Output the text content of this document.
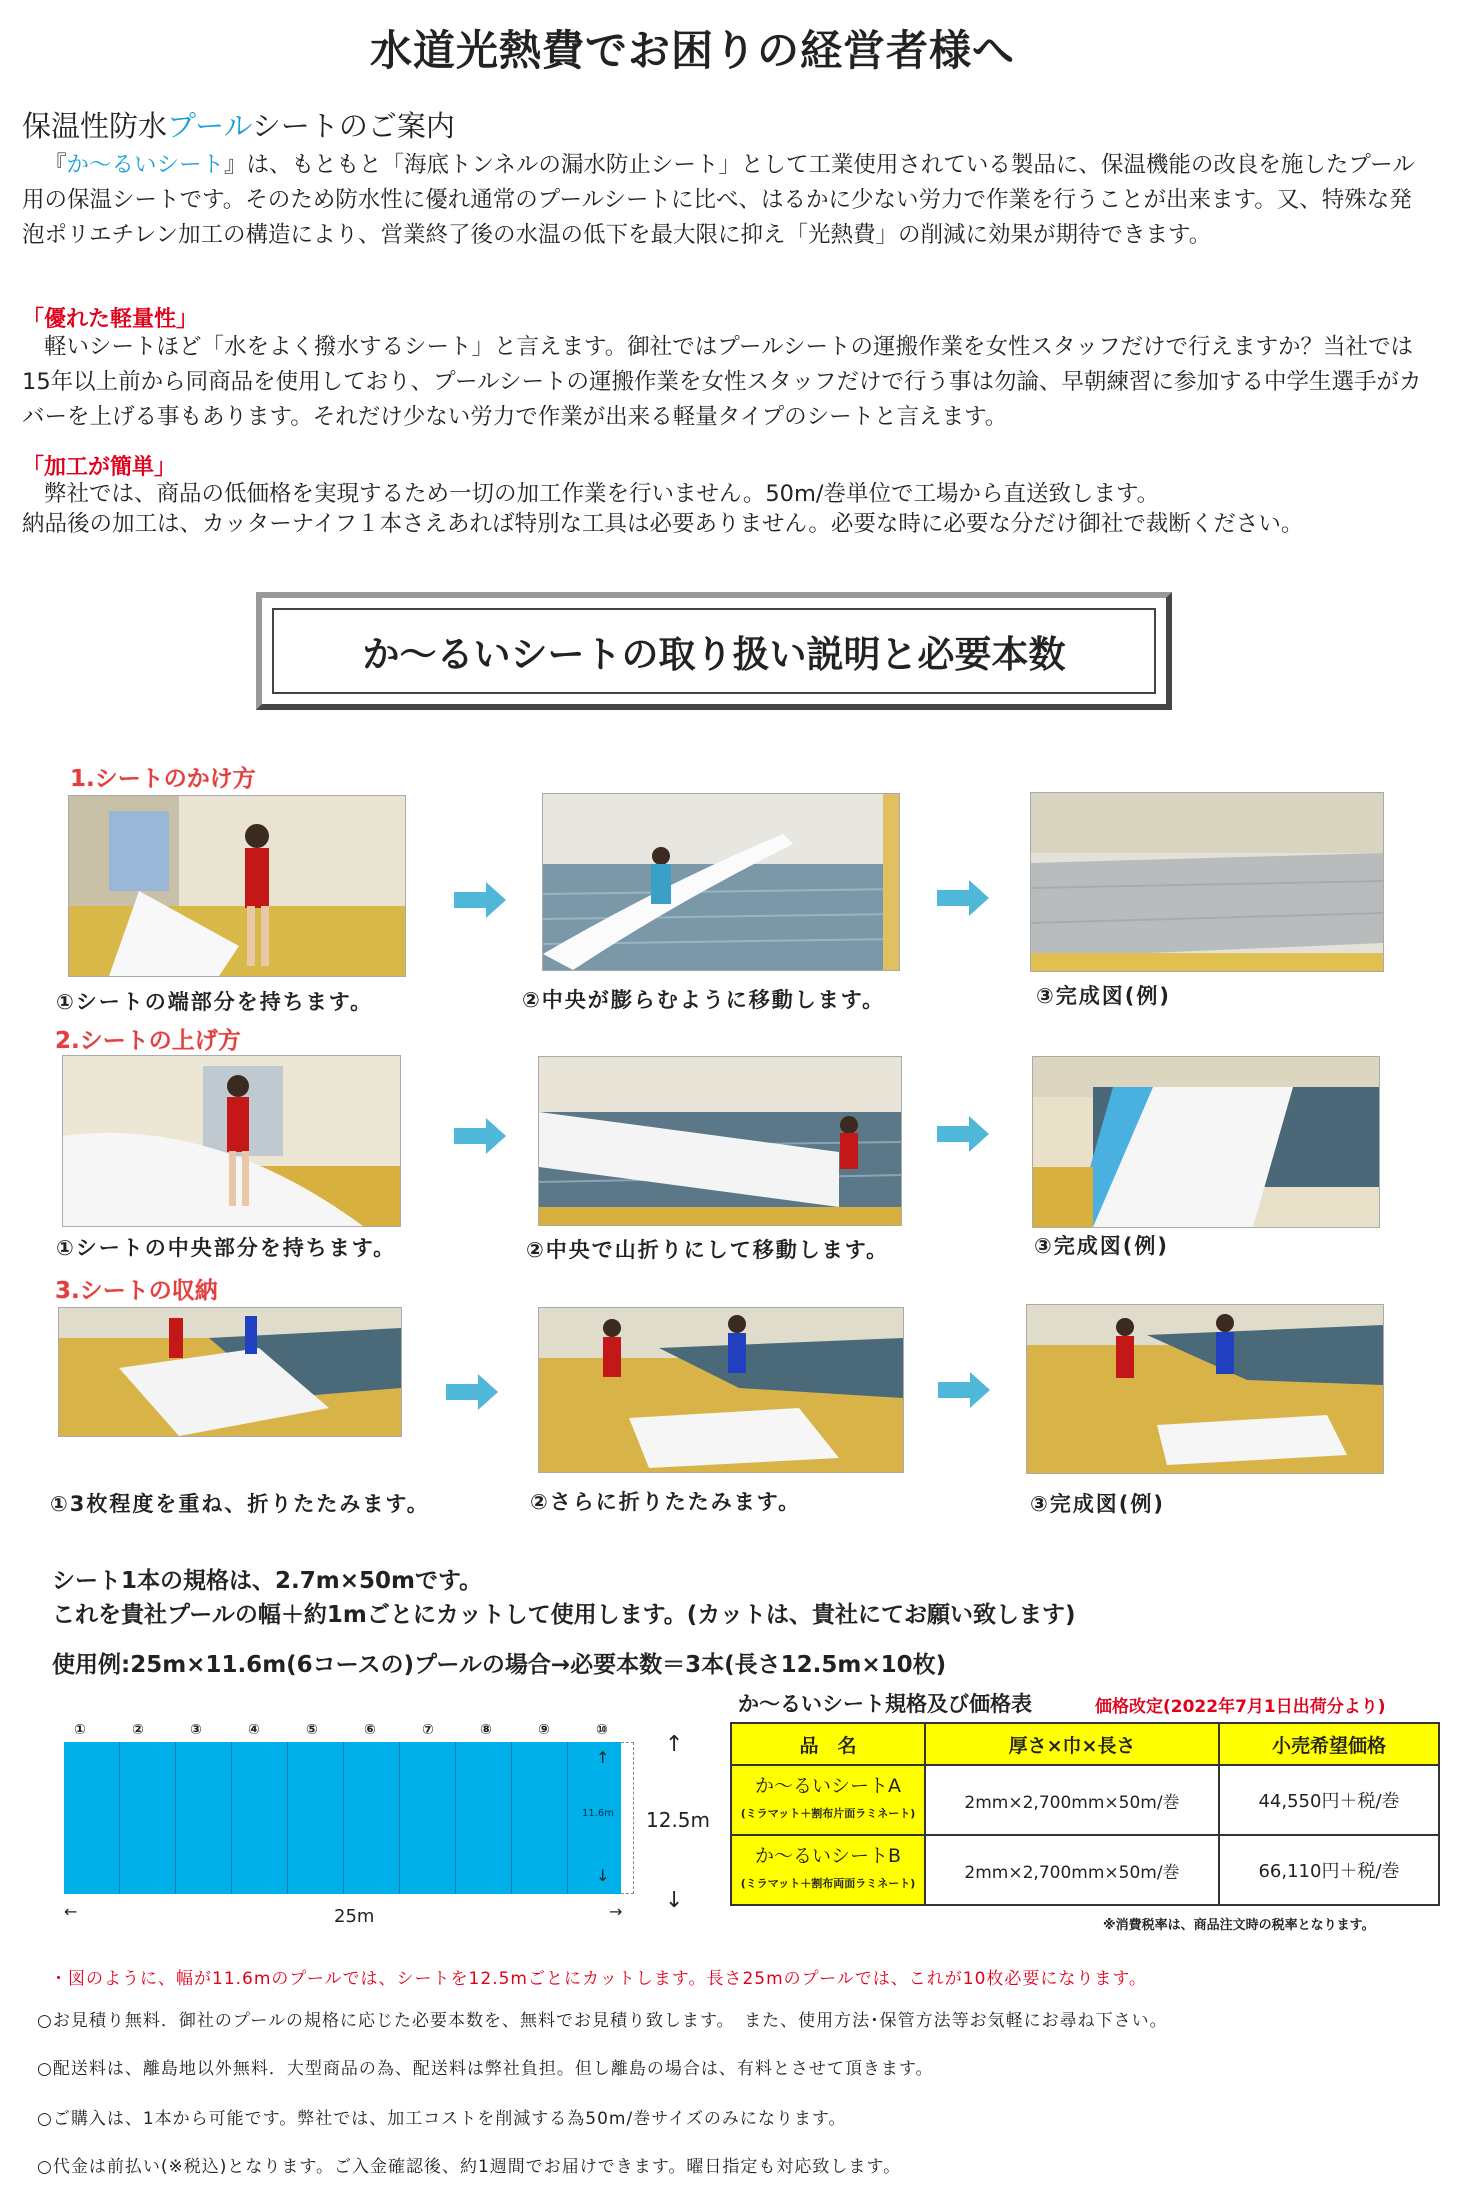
水道光熱費でお困りの経営者様へ
保温性防水プールシートのご案内
『か～るいシート』は、もともと「海底トンネルの漏水防止シート」として工業使用されている製品に、保温機能の改良を施したプール用の保温シートです。そのため防水性に優れ通常のプールシートに比べ、はるかに少ない労力で作業を行うことが出来ます。又、特殊な発泡ポリエチレン加工の構造により、営業終了後の水温の低下を最大限に抑え「光熱費」の削減に効果が期待できます。
「優れた軽量性」
軽いシートほど「水をよく撥水するシート」と言えます。御社ではプールシートの運搬作業を女性スタッフだけで行えますか？当社では15年以上前から同商品を使用しており、プールシートの運搬作業を女性スタッフだけで行う事は勿論、早朝練習に参加する中学生選手がカバーを上げる事もあります。それだけ少ない労力で作業が出来る軽量タイプのシートと言えます。
「加工が簡単」
弊社では、商品の低価格を実現するため一切の加工作業を行いません。50m/巻単位で工場から直送致します。
納品後の加工は、カッターナイフ１本さえあれば特別な工具は必要ありません。必要な時に必要な分だけ御社で裁断ください。
か～るいシートの取り扱い説明と必要本数
1.シートのかけ方
①シートの端部分を持ちます。	②中央が膨らむように移動します。	③完成図(例)
2.シートの上げ方
①シートの中央部分を持ちます。	②中央で山折りにして移動します。	③完成図(例)
3.シートの収納
①3枚程度を重ね、折りたたみます。	②さらに折りたたみます。	③完成図(例)
シート1本の規格は、2.7m×50mです。
これを貴社プールの幅＋約1mごとにカットして使用します。(カットは、貴社にてお願い致します)
使用例:25m×11.6m(6コースの)プールの場合→必要本数＝3本(長さ12.5m×10枚)
①	②	③	④	⑤	⑥	⑦	⑧	⑨	⑩
11.6m
↑
↓
↑
12.5m
↓
←	25m	→
か～るいシート規格及び価格表	価格改定(2022年7月1日出荷分より)
品　名	厚さ×巾×長さ	小売希望価格
か～るいシートA
(ミラマット＋割布片面ラミネート)	2mm×2,700mm×50m/巻	44,550円＋税/巻
か～るいシートB
(ミラマット＋割布両面ラミネート)	2mm×2,700mm×50m/巻	66,110円＋税/巻
※消費税率は、商品注文時の税率となります。
・図のように、幅が11.6mのプールでは、シートを12.5mごとにカットします。長さ25mのプールでは、これが10枚必要になります。
○お見積り無料．御社のプールの規格に応じた必要本数を、無料でお見積り致します。　また、使用方法･保管方法等お気軽にお尋ね下さい。
○配送料は、離島地以外無料．大型商品の為、配送料は弊社負担。但し離島の場合は、有料とさせて頂きます。
○ご購入は、1本から可能です。弊社では、加工コストを削減する為50m/巻サイズのみになります。
○代金は前払い(※税込)となります。ご入金確認後、約1週間でお届けできます。曜日指定も対応致します。
